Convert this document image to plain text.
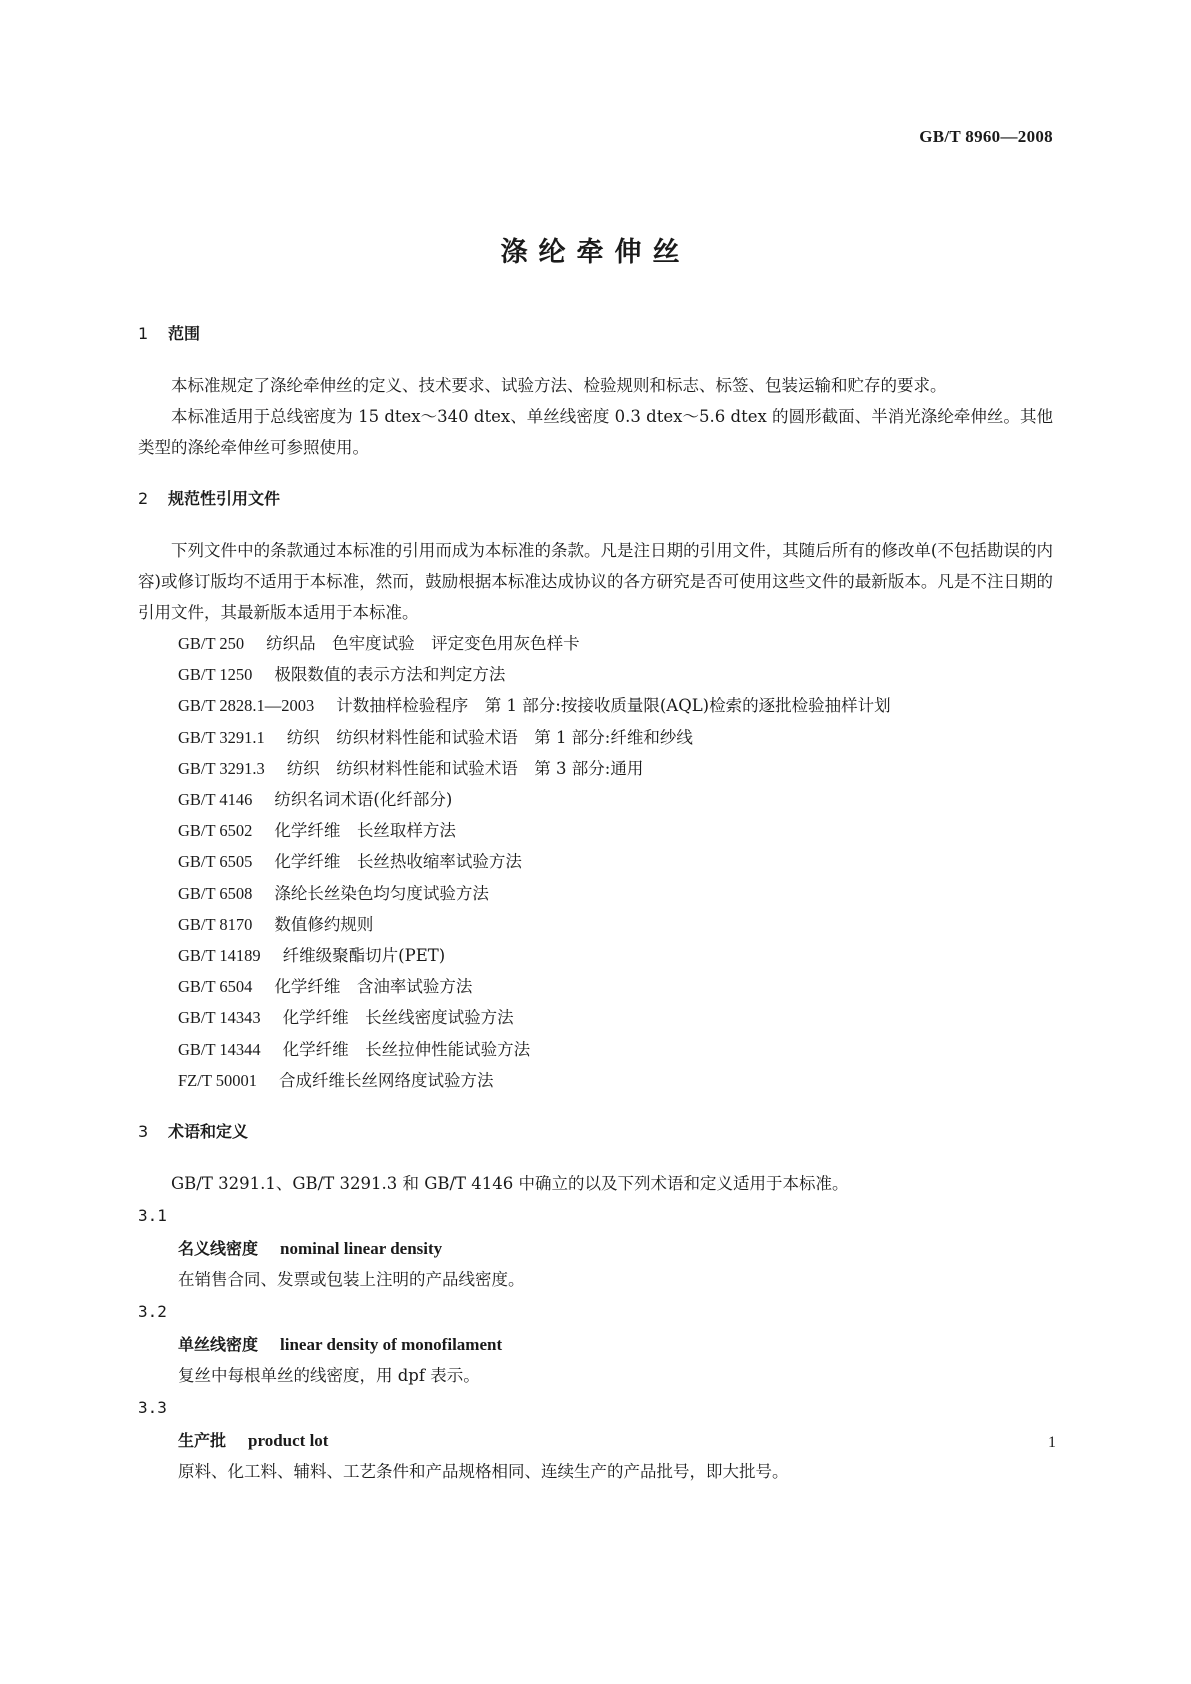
GB/T 8960—2008
涤纶牵伸丝
1 范围
本标准规定了涤纶牵伸丝的定义、技术要求、试验方法、检验规则和标志、标签、包装运输和贮存的要求。
本标准适用于总线密度为 15 dtex～340 dtex、单丝线密度 0.3 dtex～5.6 dtex 的圆形截面、半消光涤纶牵伸丝。其他类型的涤纶牵伸丝可参照使用。
2 规范性引用文件
下列文件中的条款通过本标准的引用而成为本标准的条款。凡是注日期的引用文件，其随后所有的修改单(不包括勘误的内容)或修订版均不适用于本标准，然而，鼓励根据本标准达成协议的各方研究是否可使用这些文件的最新版本。凡是不注日期的引用文件，其最新版本适用于本标准。
GB/T 250 纺织品　色牢度试验　评定变色用灰色样卡
GB/T 1250 极限数值的表示方法和判定方法
GB/T 2828.1—2003 计数抽样检验程序　第 1 部分:按接收质量限(AQL)检索的逐批检验抽样计划
GB/T 3291.1 纺织　纺织材料性能和试验术语　第 1 部分:纤维和纱线
GB/T 3291.3 纺织　纺织材料性能和试验术语　第 3 部分:通用
GB/T 4146 纺织名词术语(化纤部分)
GB/T 6502 化学纤维　长丝取样方法
GB/T 6505 化学纤维　长丝热收缩率试验方法
GB/T 6508 涤纶长丝染色均匀度试验方法
GB/T 8170 数值修约规则
GB/T 14189 纤维级聚酯切片(PET)
GB/T 6504 化学纤维　含油率试验方法
GB/T 14343 化学纤维　长丝线密度试验方法
GB/T 14344 化学纤维　长丝拉伸性能试验方法
FZ/T 50001 合成纤维长丝网络度试验方法
3 术语和定义
GB/T 3291.1、GB/T 3291.3 和 GB/T 4146 中确立的以及下列术语和定义适用于本标准。
3.1
名义线密度 nominal linear density
在销售合同、发票或包装上注明的产品线密度。
3.2
单丝线密度 linear density of monofilament
复丝中每根单丝的线密度，用 dpf 表示。
3.3
生产批 product lot
原料、化工料、辅料、工艺条件和产品规格相同、连续生产的产品批号，即大批号。
1
